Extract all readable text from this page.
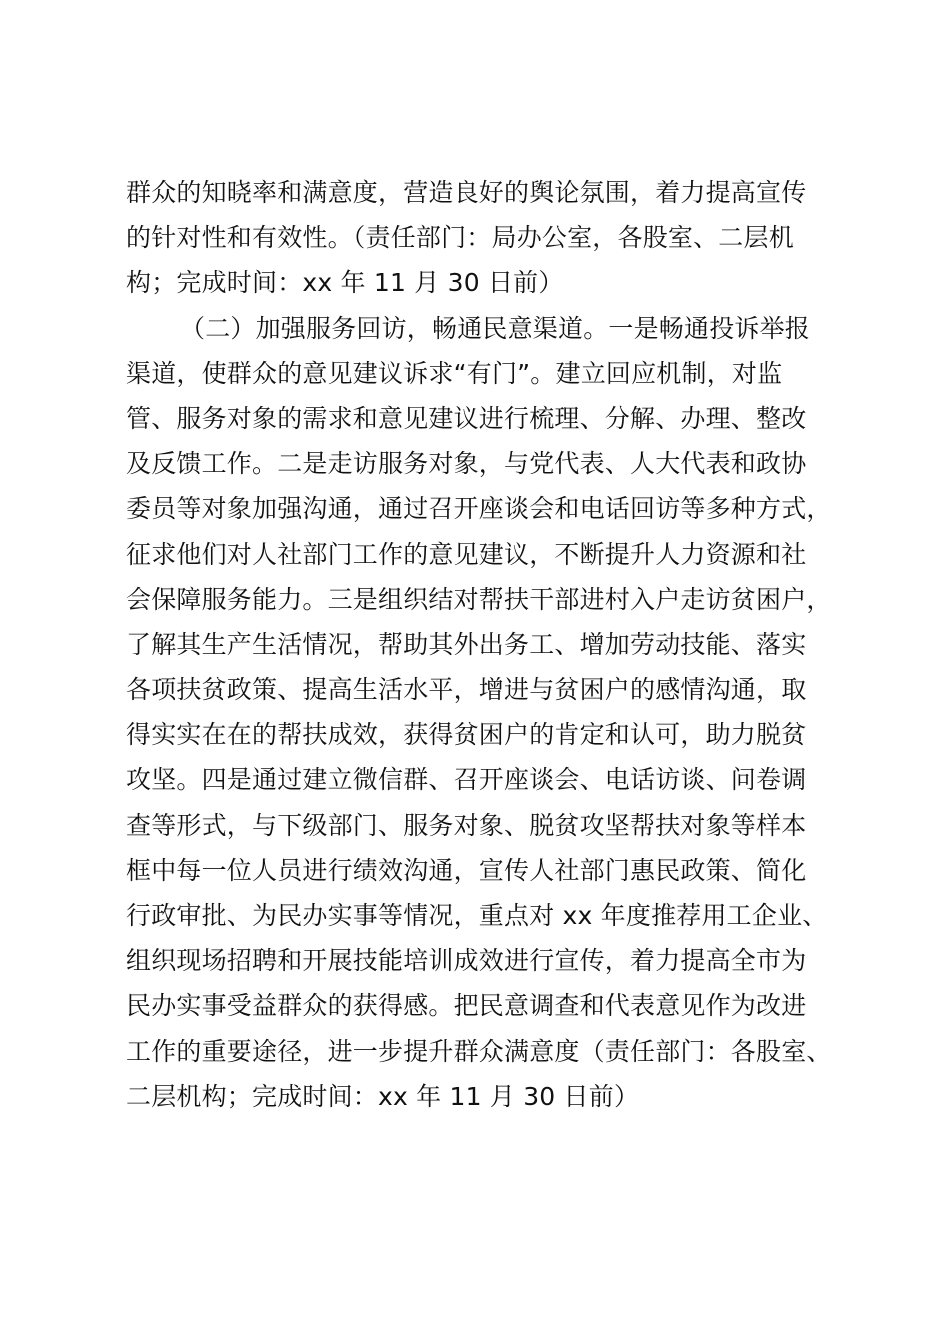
群众的知晓率和满意度，营造良好的舆论氛围，着力提高宣传
的针对性和有效性。（责任部门：局办公室，各股室、二层机
构；完成时间：xx 年 11 月 30 日前）
（二）加强服务回访，畅通民意渠道。一是畅通投诉举报
渠道，使群众的意见建议诉求“有门”。建立回应机制，对监
管、服务对象的需求和意见建议进行梳理、分解、办理、整改
及反馈工作。二是走访服务对象，与党代表、人大代表和政协
委员等对象加强沟通，通过召开座谈会和电话回访等多种方式，
征求他们对人社部门工作的意见建议，不断提升人力资源和社
会保障服务能力。三是组织结对帮扶干部进村入户走访贫困户，
了解其生产生活情况，帮助其外出务工、增加劳动技能、落实
各项扶贫政策、提高生活水平，增进与贫困户的感情沟通，取
得实实在在的帮扶成效，获得贫困户的肯定和认可，助力脱贫
攻坚。四是通过建立微信群、召开座谈会、电话访谈、问卷调
查等形式，与下级部门、服务对象、脱贫攻坚帮扶对象等样本
框中每一位人员进行绩效沟通，宣传人社部门惠民政策、简化
行政审批、为民办实事等情况，重点对 xx 年度推荐用工企业、
组织现场招聘和开展技能培训成效进行宣传，着力提高全市为
民办实事受益群众的获得感。把民意调查和代表意见作为改进
工作的重要途径，进一步提升群众满意度（责任部门：各股室、
二层机构；完成时间：xx 年 11 月 30 日前）
